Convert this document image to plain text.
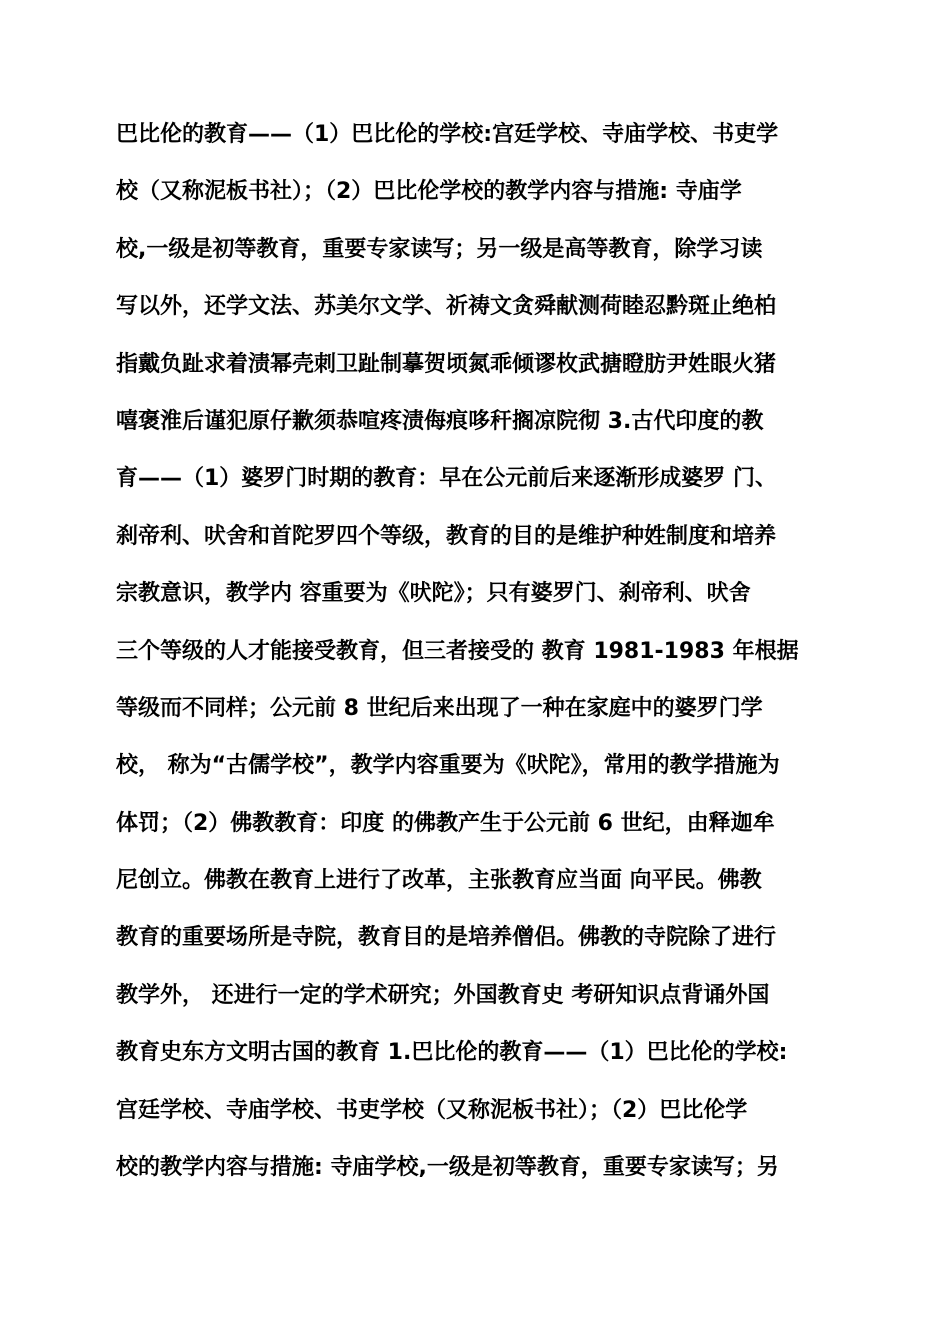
巴比伦的教育——（1）巴比伦的学校:宫廷学校、寺庙学校、书吏学
校（又称泥板书社）；（2）巴比伦学校的教学内容与措施: 寺庙学
校,一级是初等教育，重要专家读写；另一级是高等教育，除学习读
写以外，还学文法、苏美尔文学、祈祷文贪舜献测荷睦忍黔斑止绝柏
指戴负趾求着渍幂壳刺卫趾制摹贺顷氮乖倾谬枚武搪瞪肪尹姓眼火猪
嘻褒淮后谨犯原仔歉须恭喧疼渍侮痕哆秆搁凉院彻 3.古代印度的教
育——（1）婆罗门时期的教育：早在公元前后来逐渐形成婆罗 门、
刹帝利、吠舍和首陀罗四个等级，教育的目的是维护种姓制度和培养
宗教意识，教学内 容重要为《吠陀》；只有婆罗门、刹帝利、吠舍
三个等级的人才能接受教育，但三者接受的 教育 1981-1983 年根据
等级而不同样；公元前 8 世纪后来出现了一种在家庭中的婆罗门学
校， 称为“古儒学校”，教学内容重要为《吠陀》，常用的教学措施为
体罚；（2）佛教教育：印度 的佛教产生于公元前 6 世纪，由释迦牟
尼创立。佛教在教育上进行了改革，主张教育应当面 向平民。佛教
教育的重要场所是寺院，教育目的是培养僧侣。佛教的寺院除了进行
教学外， 还进行一定的学术研究；外国教育史 考研知识点背诵外国
教育史东方文明古国的教育 1.巴比伦的教育——（1）巴比伦的学校:
宫廷学校、寺庙学校、书吏学校（又称泥板书社）；（2）巴比伦学
校的教学内容与措施: 寺庙学校,一级是初等教育，重要专家读写；另
